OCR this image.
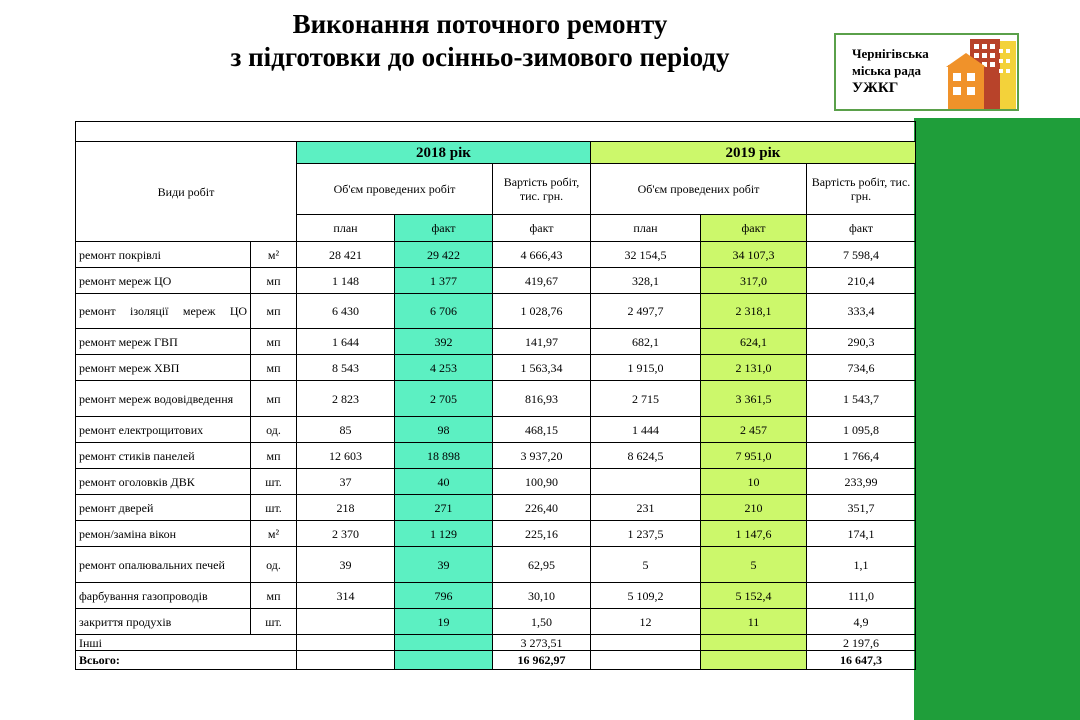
Виконання поточного ремонту
з підготовки до осінньо-зимового періоду	Чернігівська
міська рада
УЖКГ

Види робіт		2018 рік			2019 рік		
		Об'єм проведених робіт		Вартість робіт, тис. грн.	Об'єм проведених робіт		Вартість робіт, тис. грн.
		план	факт	факт	план	факт	факт
ремонт покрівлі	м²	28 421	29 422	4 666,43	32 154,5	34 107,3	7 598,4
ремонт мереж ЦО	мп	1 148	1 377	419,67	328,1	317,0	210,4
ремонт ізоляції мереж ЦО	мп	6 430	6 706	1 028,76	2 497,7	2 318,1	333,4
ремонт мереж ГВП	мп	1 644	392	141,97	682,1	624,1	290,3
ремонт мереж ХВП	мп	8 543	4 253	1 563,34	1 915,0	2 131,0	734,6
ремонт мереж водовідведення	мп	2 823	2 705	816,93	2 715	3 361,5	1 543,7
ремонт електрощитових	од.	85	98	468,15	1 444	2 457	1 095,8
ремонт стиків панелей	мп	12 603	18 898	3 937,20	8 624,5	7 951,0	1 766,4
ремонт оголовків ДВК	шт.	37	40	100,90		10	233,99
ремонт дверей	шт.	218	271	226,40	231	210	351,7
ремон/заміна вікон	м²	2 370	1 129	225,16	1 237,5	1 147,6	174,1
ремонт опалювальних печей	од.	39	39	62,95	5	5	1,1
фарбування газопроводів	мп	314	796	30,10	5 109,2	5 152,4	111,0
закриття продухів	шт.		19	1,50	12	11	4,9
Інші				3 273,51			2 197,6
Всього:				16 962,97			16 647,3
